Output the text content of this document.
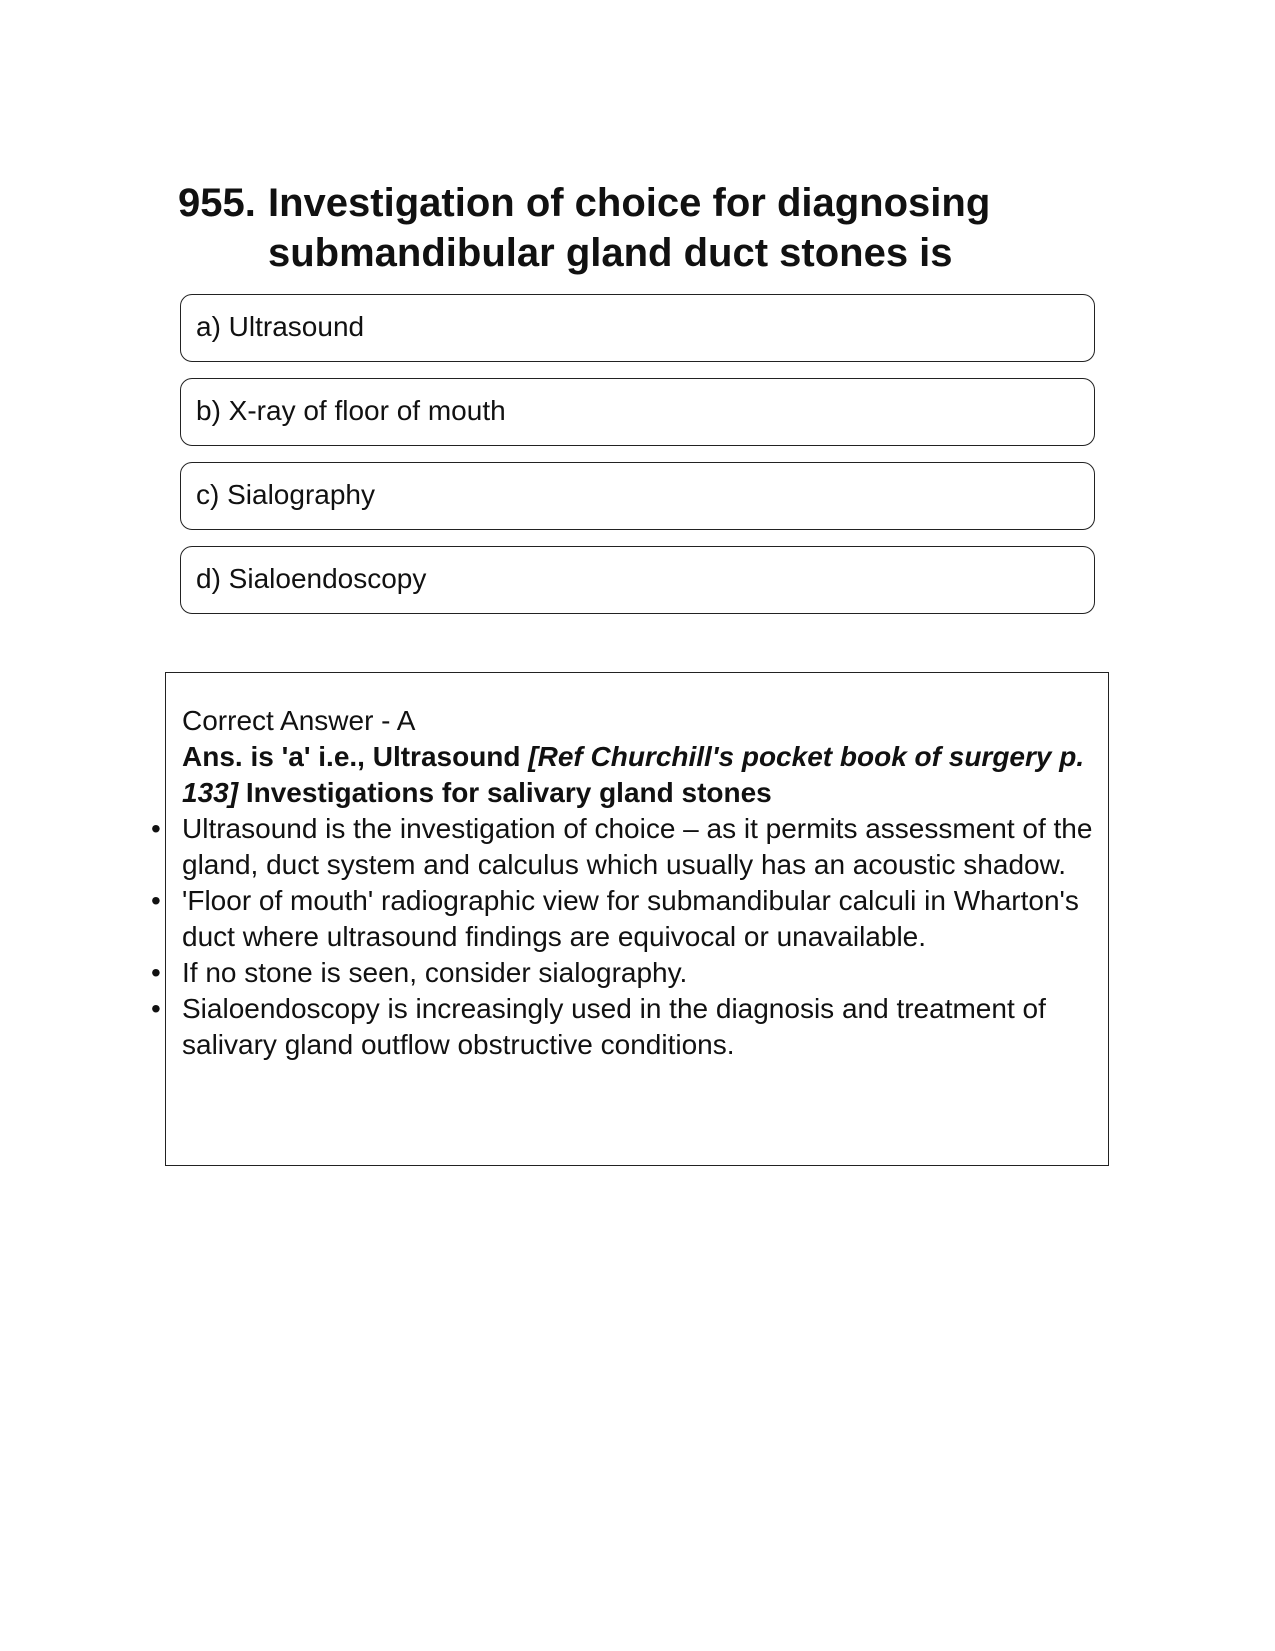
955. Investigation of choice for diagnosing submandibular gland duct stones is
a) Ultrasound
b) X-ray of floor of mouth
c) Sialography
d) Sialoendoscopy

Correct Answer - A

Ans. is 'a' i.e., Ultrasound [Ref Churchill's pocket book of surgery p. 133] Investigations for salivary gland stones

• Ultrasound is the investigation of choice – as it permits assessment of the gland, duct system and calculus which usually has an acoustic shadow.
• 'Floor of mouth' radiographic view for submandibular calculi in Wharton's duct where ultrasound findings are equivocal or unavailable.
• If no stone is seen, consider sialography.
• Sialoendoscopy is increasingly used in the diagnosis and treatment of salivary gland outflow obstructive conditions.
